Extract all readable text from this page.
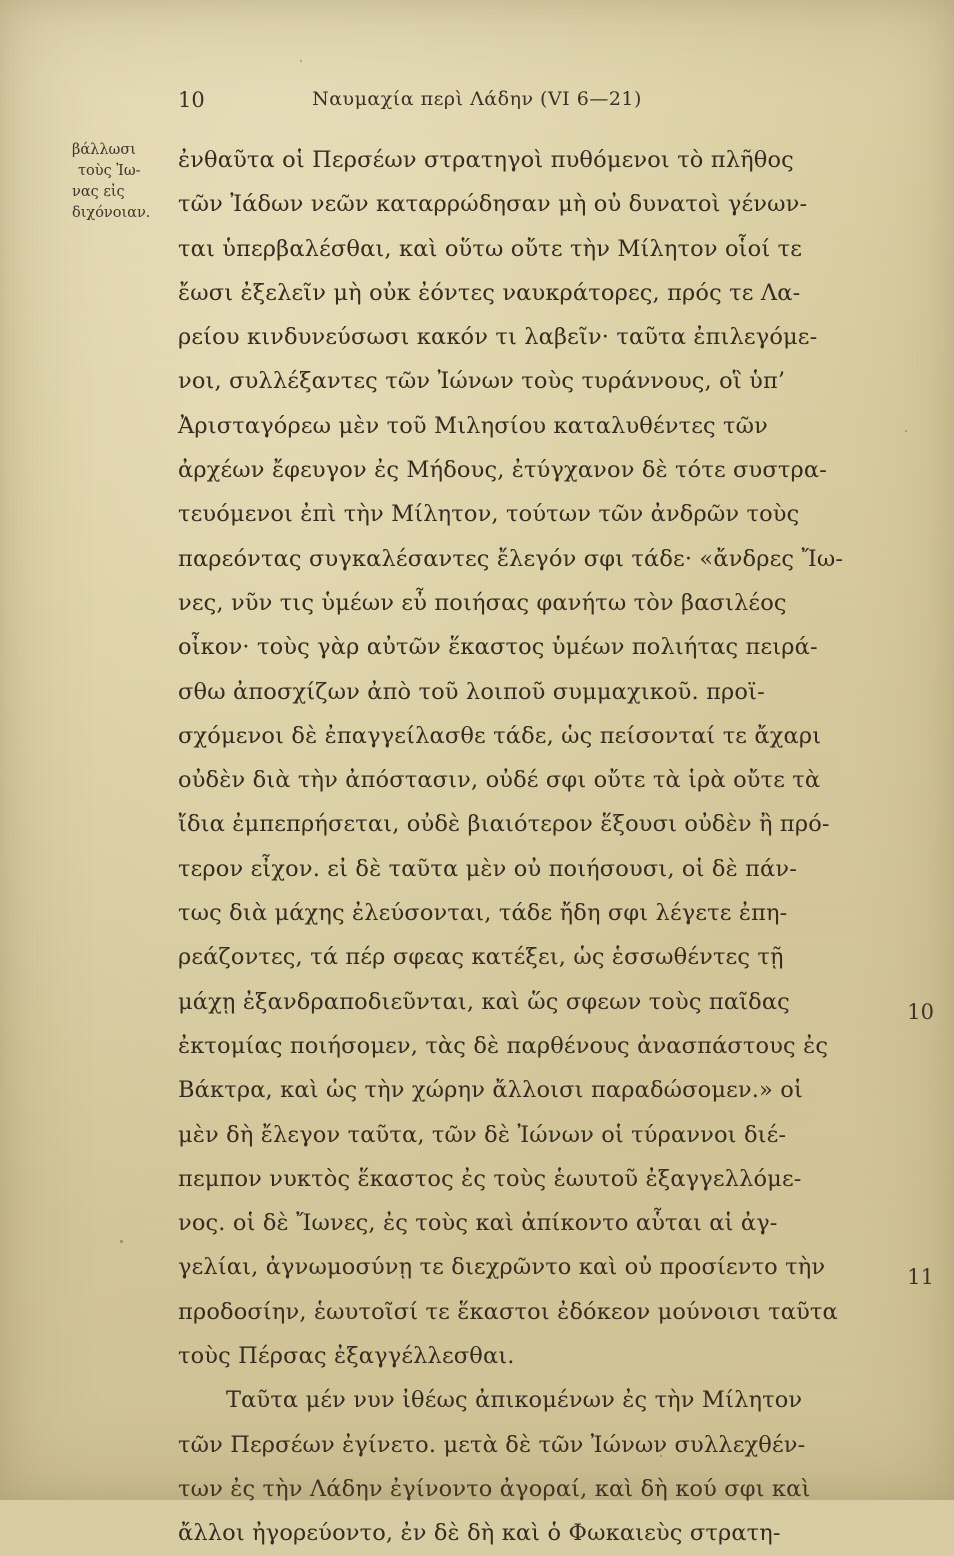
10	Ναυμαχία περὶ Λάδην (VI 6—21)
βάλλωσι
τοὺς Ἰω-
νας εἰς
διχόνοιαν.
ἐνθαῦτα οἱ Περσέων στρατηγοὶ πυθόμενοι τὸ πλῆθος
τῶν Ἰάδων νεῶν καταρρώδησαν μὴ οὐ δυνατοὶ γένων-
ται ὑπερβαλέσθαι, καὶ οὕτω οὔτε τὴν Μίλητον οἷοί τε
ἔωσι ἐξελεῖν μὴ οὐκ ἐόντες ναυκράτορες, πρός τε Λα-
ρείου κινδυνεύσωσι κακόν τι λαβεῖν· ταῦτα ἐπιλεγόμε-
νοι, συλλέξαντες τῶν Ἰώνων τοὺς τυράννους, οἳ ὑπ’
Ἀρισταγόρεω μὲν τοῦ Μιλησίου καταλυθέντες τῶν
ἀρχέων ἔφευγον ἐς Μήδους, ἐτύγχανον δὲ τότε συστρα-
τευόμενοι ἐπὶ τὴν Μίλητον, τούτων τῶν ἀνδρῶν τοὺς
παρεόντας συγκαλέσαντες ἔλεγόν σφι τάδε· «ἄνδρες Ἴω-
νες, νῦν τις ὑμέων εὖ ποιήσας φανήτω τὸν βασιλέος
οἶκον· τοὺς γὰρ αὐτῶν ἕκαστος ὑμέων πολιήτας πειρά-
σθω ἀποσχίζων ἀπὸ τοῦ λοιποῦ συμμαχικοῦ. προϊ-
σχόμενοι δὲ ἐπαγγείλασθε τάδε, ὡς πείσονταί τε ἄχαρι
οὐδὲν διὰ τὴν ἀπόστασιν, οὐδέ σφι οὔτε τὰ ἱρὰ οὔτε τὰ
ἴδια ἐμπεπρήσεται, οὐδὲ βιαιότερον ἕξουσι οὐδὲν ἢ πρό-
τερον εἶχον. εἰ δὲ ταῦτα μὲν οὐ ποιήσουσι, οἱ δὲ πάν-
τως διὰ μάχης ἐλεύσονται, τάδε ἤδη σφι λέγετε ἐπη-
ρεάζοντες, τά πέρ σφεας κατέξει, ὡς ἑσσωθέντες τῇ
μάχῃ ἐξανδραποδιεῦνται, καὶ ὥς σφεων τοὺς παῖδας
ἐκτομίας ποιήσομεν, τὰς δὲ παρθένους ἀνασπάστους ἐς
Βάκτρα, καὶ ὡς τὴν χώρην ἄλλοισι παραδώσομεν.» οἱ
μὲν δὴ ἔλεγον ταῦτα, τῶν δὲ Ἰώνων οἱ τύραννοι διέ-
πεμπον νυκτὸς ἕκαστος ἐς τοὺς ἑωυτοῦ ἐξαγγελλόμε-
νος. οἱ δὲ Ἴωνες, ἐς τοὺς καὶ ἀπίκοντο αὗται αἱ ἀγ-
γελίαι, ἀγνωμοσύνῃ τε διεχρῶντο καὶ οὐ προσίεντο τὴν
προδοσίην, ἑωυτοῖσί τε ἕκαστοι ἐδόκεον μούνοισι ταῦτα
τοὺς Πέρσας ἐξαγγέλλεσθαι.
Ταῦτα μέν νυν ἰθέως ἀπικομένων ἐς τὴν Μίλητον
τῶν Περσέων ἐγίνετο. μετὰ δὲ τῶν Ἰώνων συλλεχθέν-
των ἐς τὴν Λάδην ἐγίνοντο ἀγοραί, καὶ δὴ κού σφι καὶ
ἄλλοι ἠγορεύοντο, ἐν δὲ δὴ καὶ ὁ Φωκαιεὺς στρατη-
10
11
